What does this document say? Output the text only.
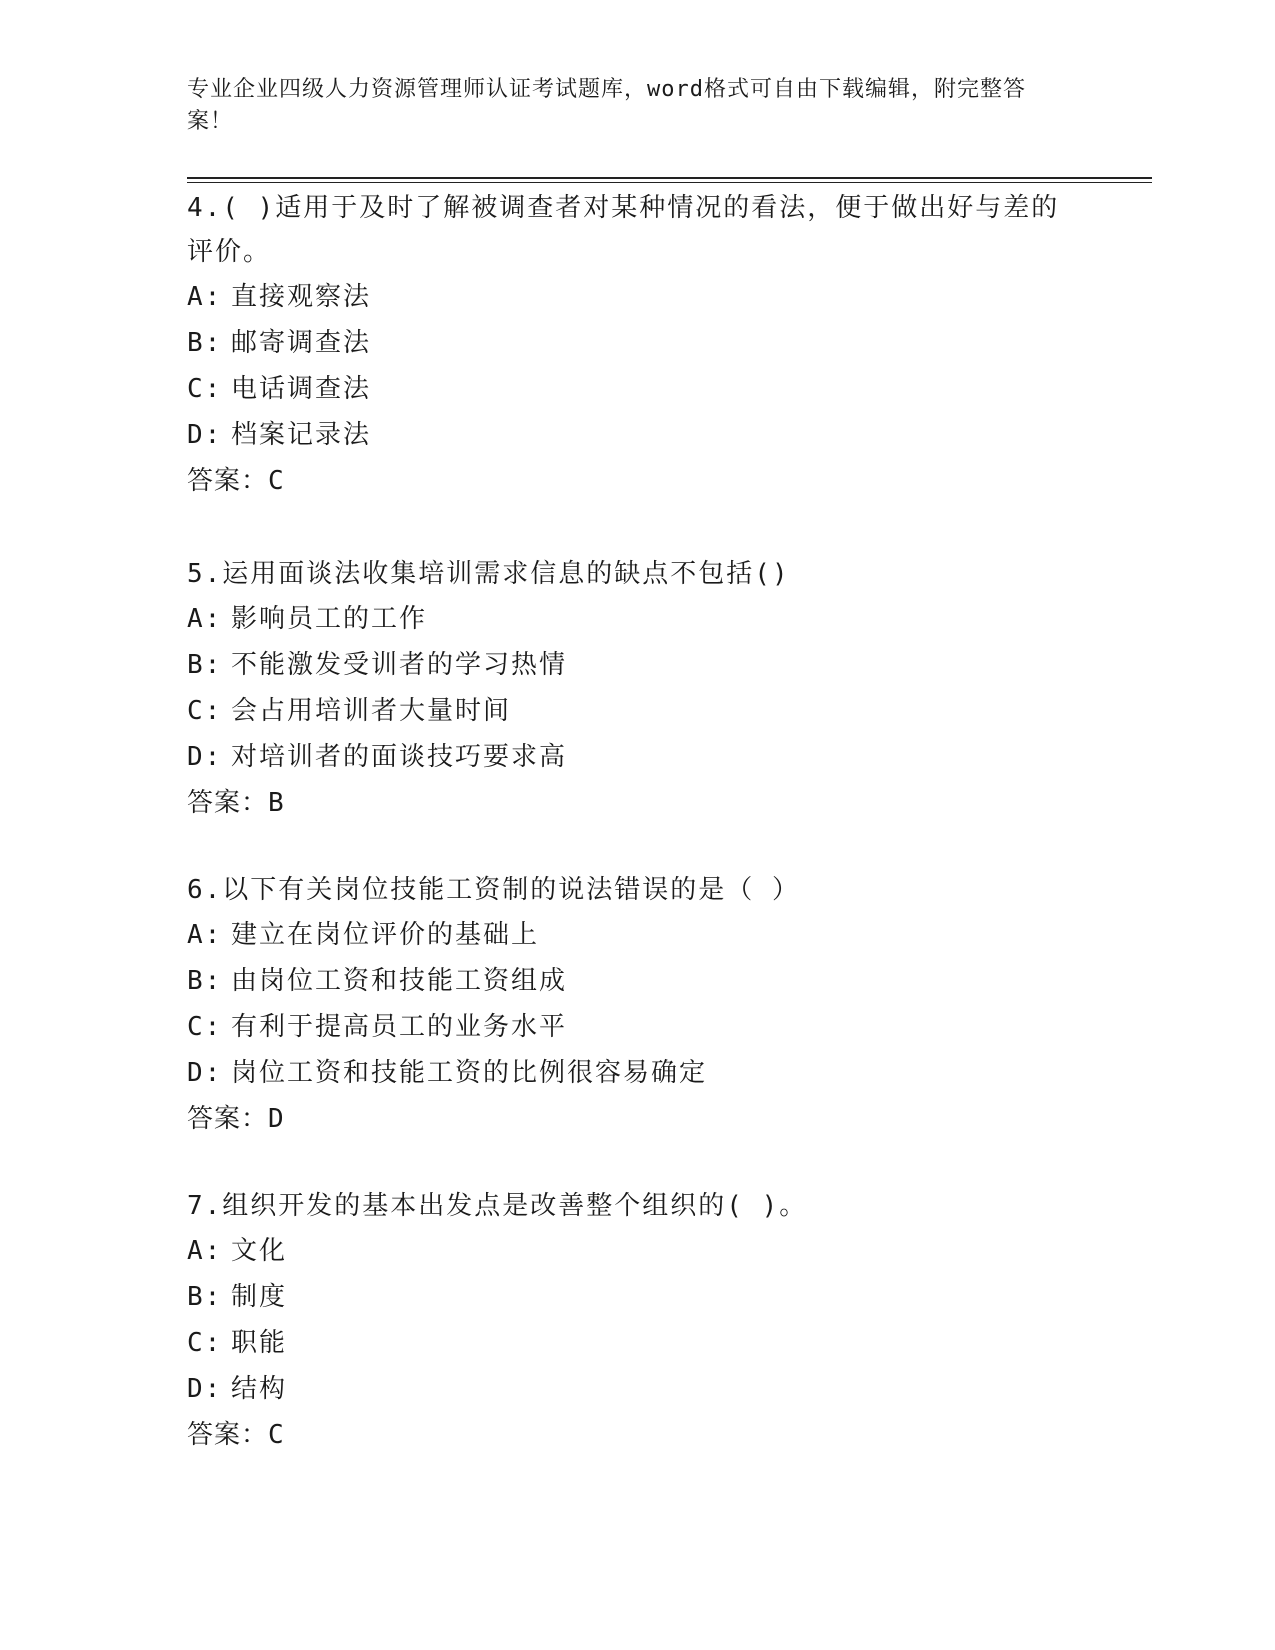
专业企业四级人力资源管理师认证考试题库，word格式可自由下载编辑，附完整答案！
4.( )适用于及时了解被调查者对某种情况的看法，便于做出好与差的评价。
A: 直接观察法
B: 邮寄调查法
C: 电话调查法
D: 档案记录法
答案：C
5.运用面谈法收集培训需求信息的缺点不包括()
A: 影响员工的工作
B: 不能激发受训者的学习热情
C: 会占用培训者大量时间
D: 对培训者的面谈技巧要求高
答案：B
6.以下有关岗位技能工资制的说法错误的是（ ）
A: 建立在岗位评价的基础上
B: 由岗位工资和技能工资组成
C: 有利于提高员工的业务水平
D: 岗位工资和技能工资的比例很容易确定
答案：D
7.组织开发的基本出发点是改善整个组织的( )。
A: 文化
B: 制度
C: 职能
D: 结构
答案：C
